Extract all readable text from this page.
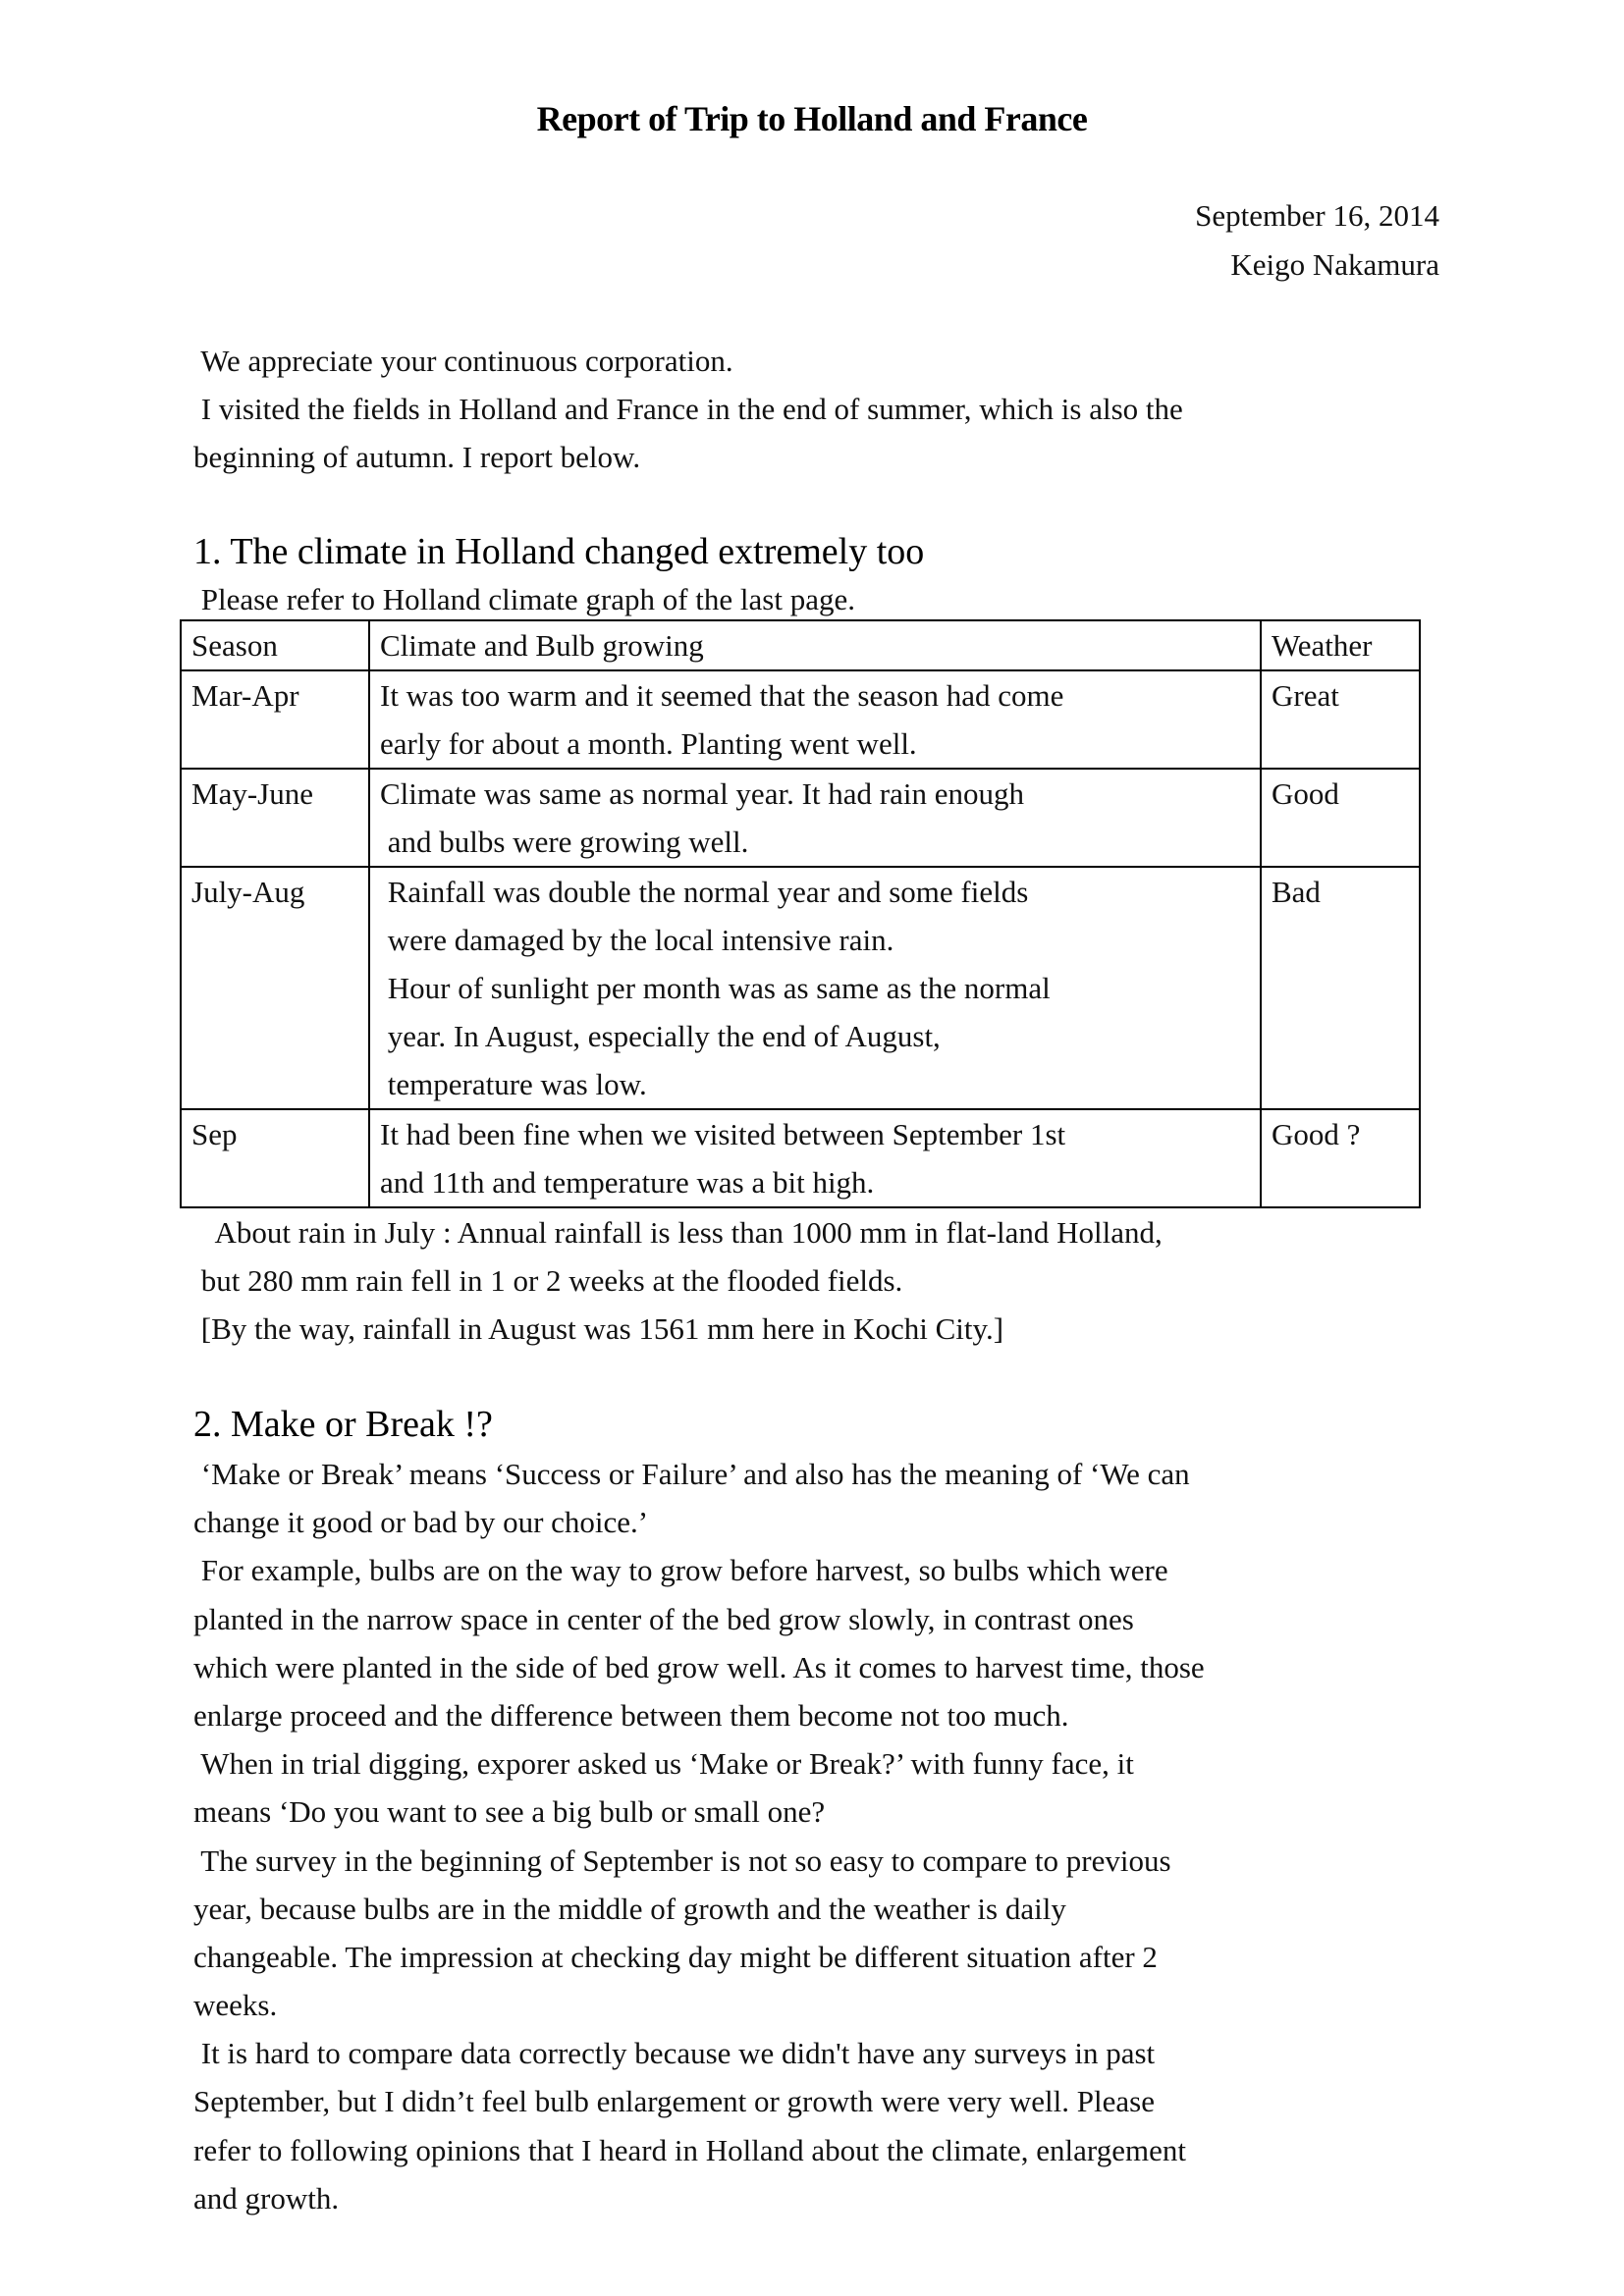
Report of Trip to Holland and France
September 16, 2014
Keigo Nakamura
We appreciate your continuous corporation.
I visited the fields in Holland and France in the end of summer, which is also the
beginning of autumn. I report below.
1. The climate in Holland changed extremely too
Please refer to Holland climate graph of the last page.
Season	Climate and Bulb growing	Weather
Mar-Apr	It was too warm and it seemed that the season had come
early for about a month. Planting went well.	Great
May-June	Climate was same as normal year. It had rain enough
and bulbs were growing well.	Good
July-Aug	Rainfall was double the normal year and some fields
were damaged by the local intensive rain.
Hour of sunlight per month was as same as the normal
year. In August, especially the end of August,
temperature was low.	Bad
Sep	It had been fine when we visited between September 1st
and 11th and temperature was a bit high.	Good ?
About rain in July : Annual rainfall is less than 1000 mm in flat-land Holland,
but 280 mm rain fell in 1 or 2 weeks at the flooded fields.
[By the way, rainfall in August was 1561 mm here in Kochi City.]
2. Make or Break !?
‘Make or Break’ means ‘Success or Failure’ and also has the meaning of ‘We can
change it good or bad by our choice.’
For example, bulbs are on the way to grow before harvest, so bulbs which were
planted in the narrow space in center of the bed grow slowly, in contrast ones
which were planted in the side of bed grow well. As it comes to harvest time, those
enlarge proceed and the difference between them become not too much.
When in trial digging, exporer asked us ‘Make or Break?’ with funny face, it
means ‘Do you want to see a big bulb or small one?
The survey in the beginning of September is not so easy to compare to previous
year, because bulbs are in the middle of growth and the weather is daily
changeable. The impression at checking day might be different situation after 2
weeks.
It is hard to compare data correctly because we didn't have any surveys in past
September, but I didn’t feel bulb enlargement or growth were very well. Please
refer to following opinions that I heard in Holland about the climate, enlargement
and growth.
